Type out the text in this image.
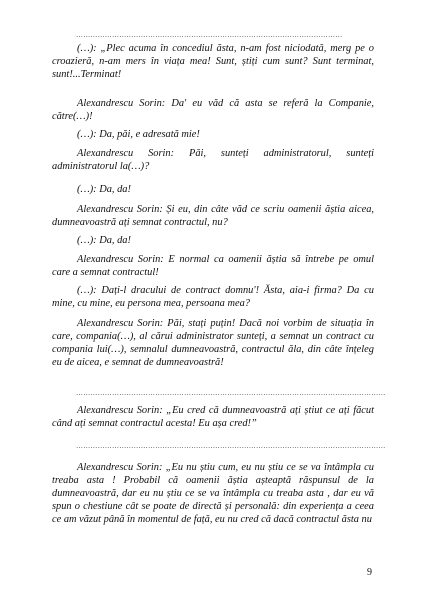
…………………………………………………………………………………………………
(…): „Plec acuma în concediul ăsta, n-am fost niciodată, merg pe o croazieră, n-am mers în viața mea! Sunt, știți cum sunt? Sunt terminat, sunt!...Terminat!
Alexandrescu Sorin: Da' eu văd că asta se referă la Companie, către(…)!
(…): Da, păi, e adresată mie!
Alexandrescu Sorin: Păi, sunteți administratorul, sunteți administratorul la(…)?
(…): Da, da!
Alexandrescu Sorin: Și eu, din câte văd ce scriu oamenii ăștia aicea, dumneavoastră ați semnat contractul, nu?
(…): Da, da!
Alexandrescu Sorin: E normal ca oamenii ăștia să întrebe pe omul care a semnat contractul!
(…): Dați-l dracului de contract domnu'! Ăsta, aia-i firma? Da cu mine, cu mine, eu persona mea, persoana mea?
Alexandrescu Sorin: Păi, stați puțin! Dacă noi vorbim de situația în care, compania(…), al cărui administrator sunteți, a semnat un contract cu compania lui(…), semnalul dumneavoastră, contractul ăla, din câte înțeleg eu de aicea, e semnat de dumneavoastră!
…………………………………………………………………………………………………………………
Alexandrescu Sorin: „Eu cred că dumneavoastră ați știut ce ați făcut când ați semnat contractul acesta! Eu așa cred!”
…………………………………………………………………………………………………………………
Alexandrescu Sorin: „Eu nu știu cum, eu nu știu ce se va întâmpla cu treaba asta ! Probabil că oamenii ăștia așteaptă răspunsul de la dumneavoastră, dar eu nu știu ce se va întâmpla cu treaba asta , dar eu vă spun o chestiune cât se poate de directă și personală: din experiența a ceea ce am văzut până în momentul de față, eu nu cred că dacă contractul ăsta nu
9
